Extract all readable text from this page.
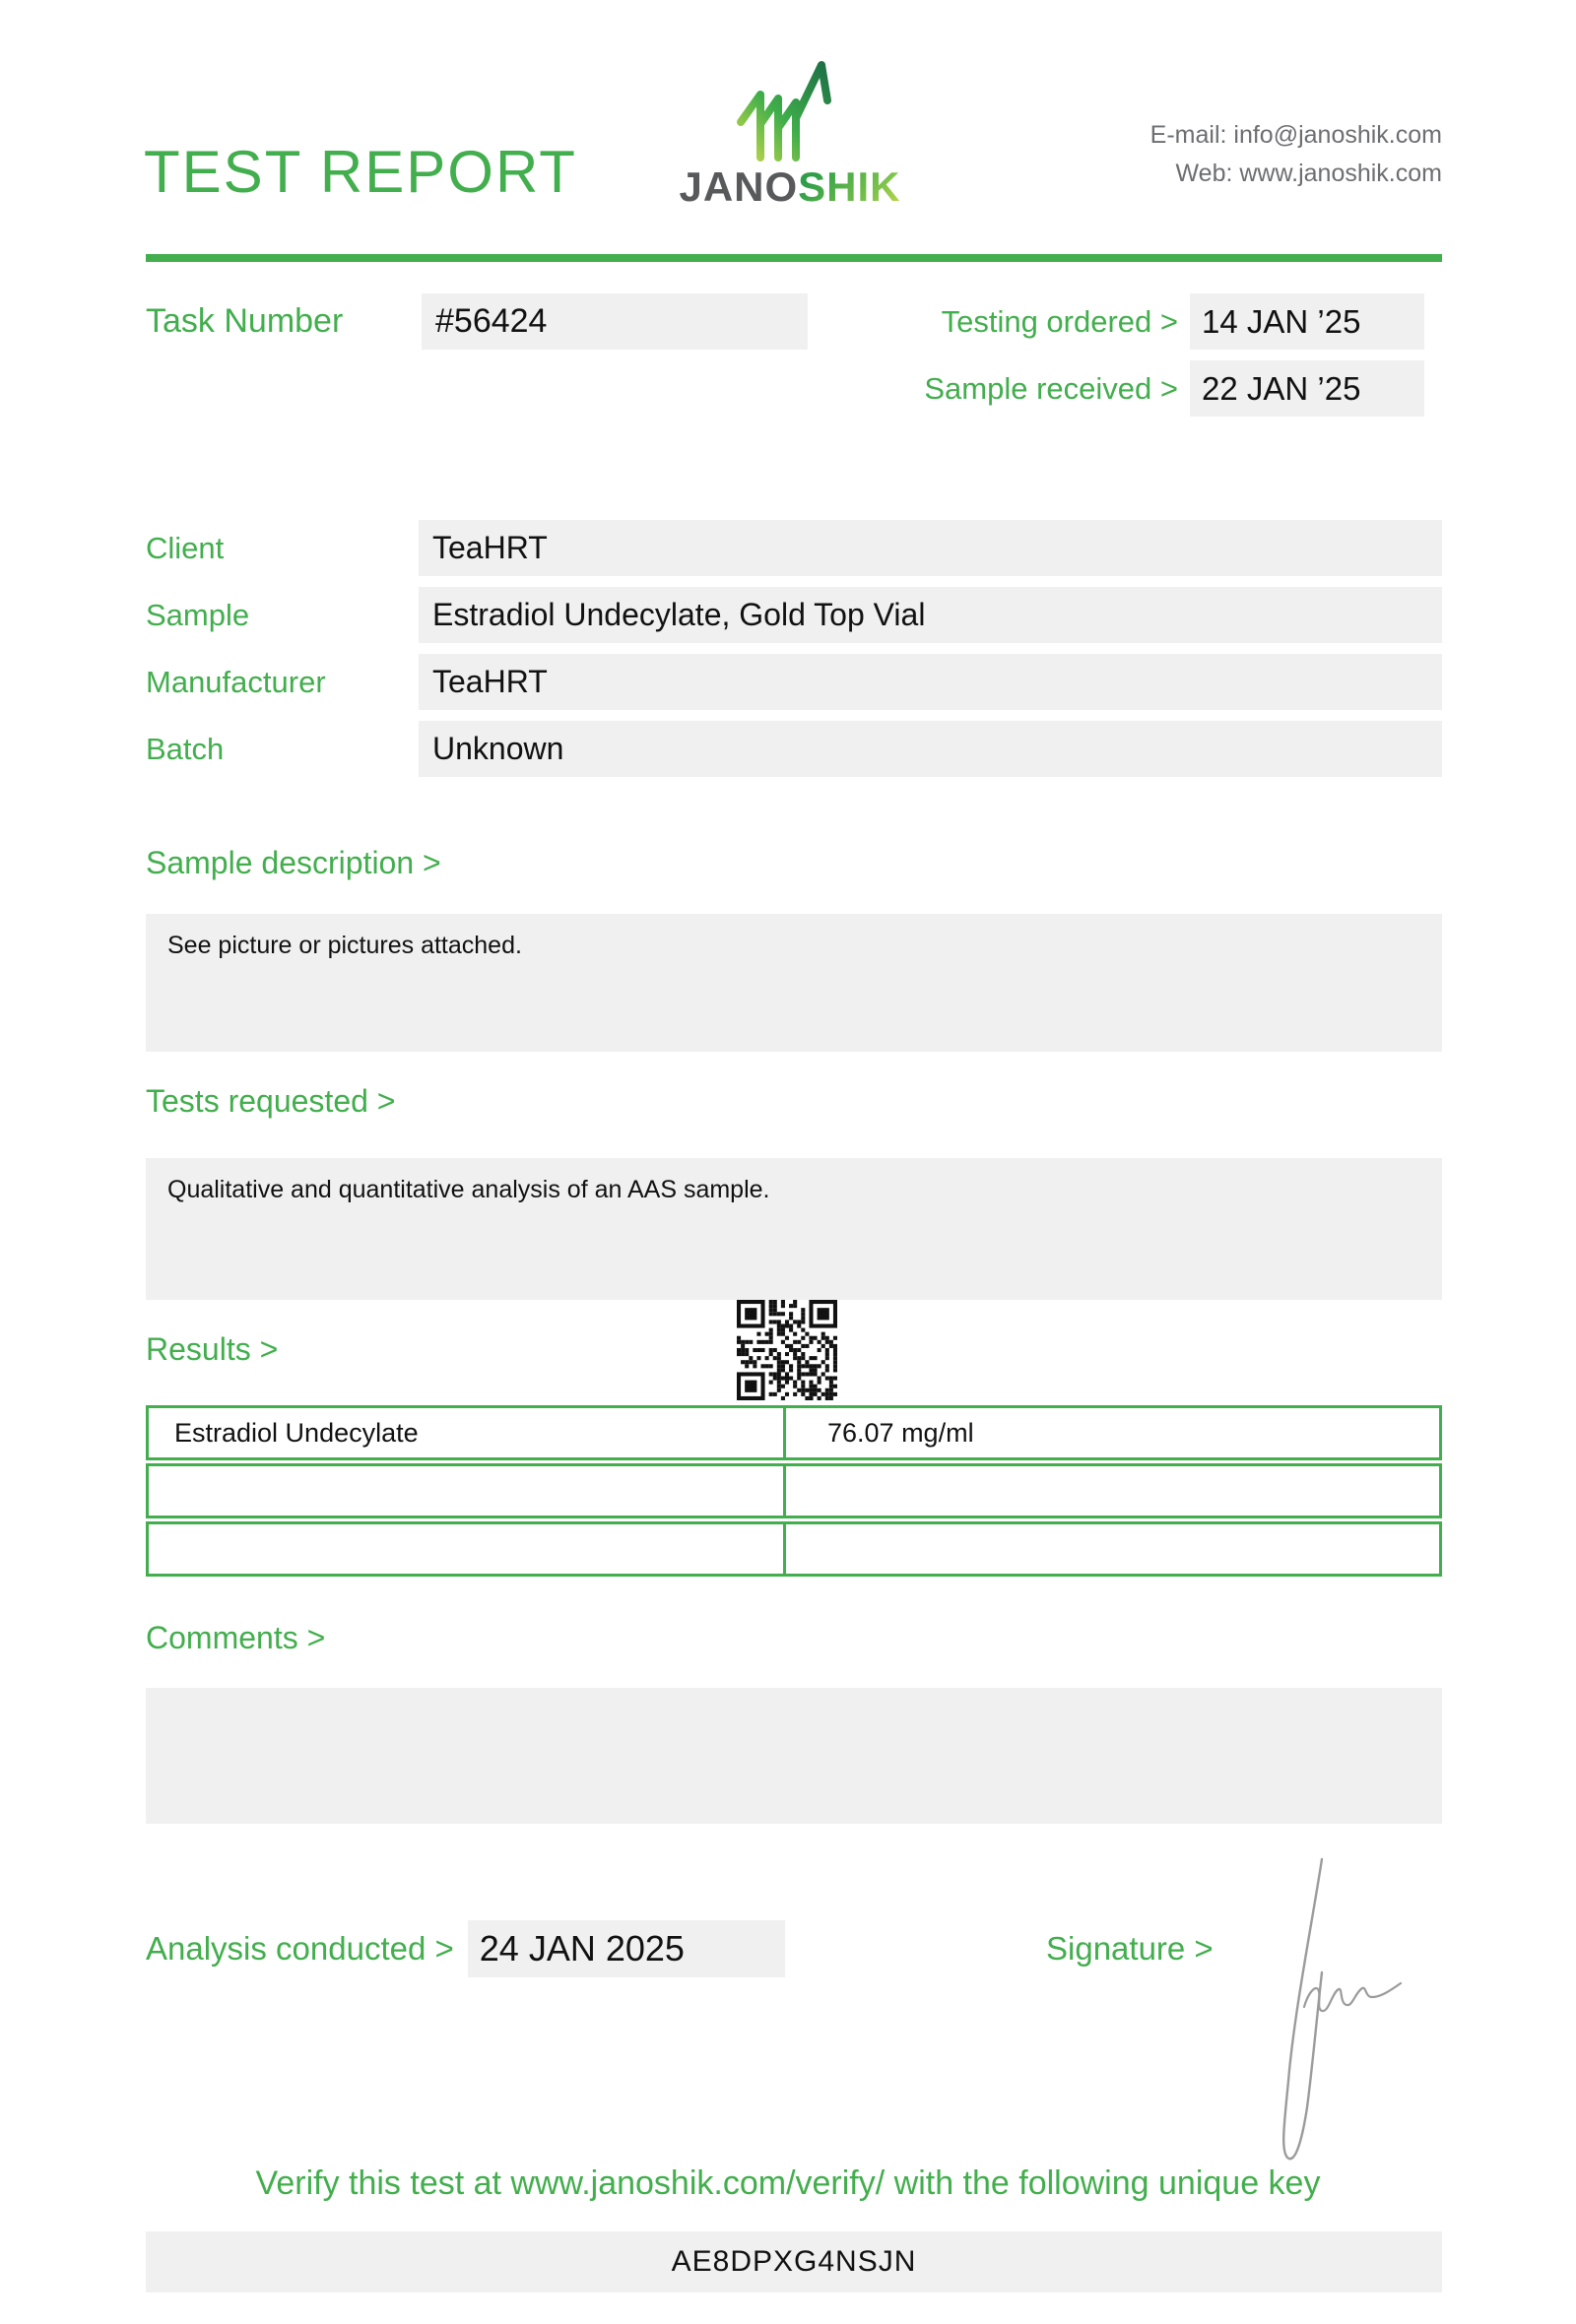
TEST REPORT	JANOSHIK
E-mail: info@janoshik.com
Web: www.janoshik.com
Task Number	#56424	Testing ordered > 14 JAN ’25
Sample received > 22 JAN ’25
Client	TeaHRT
Sample	Estradiol Undecylate, Gold Top Vial
Manufacturer	TeaHRT
Batch	Unknown
Sample description >
See picture or pictures attached.
Tests requested >
Qualitative and quantitative analysis of an AAS sample.
Results >
Estradiol Undecylate	76.07 mg/ml
Comments >
Analysis conducted > 24 JAN 2025	Signature >
Verify this test at www.janoshik.com/verify/ with the following unique key
AE8DPXG4NSJN
